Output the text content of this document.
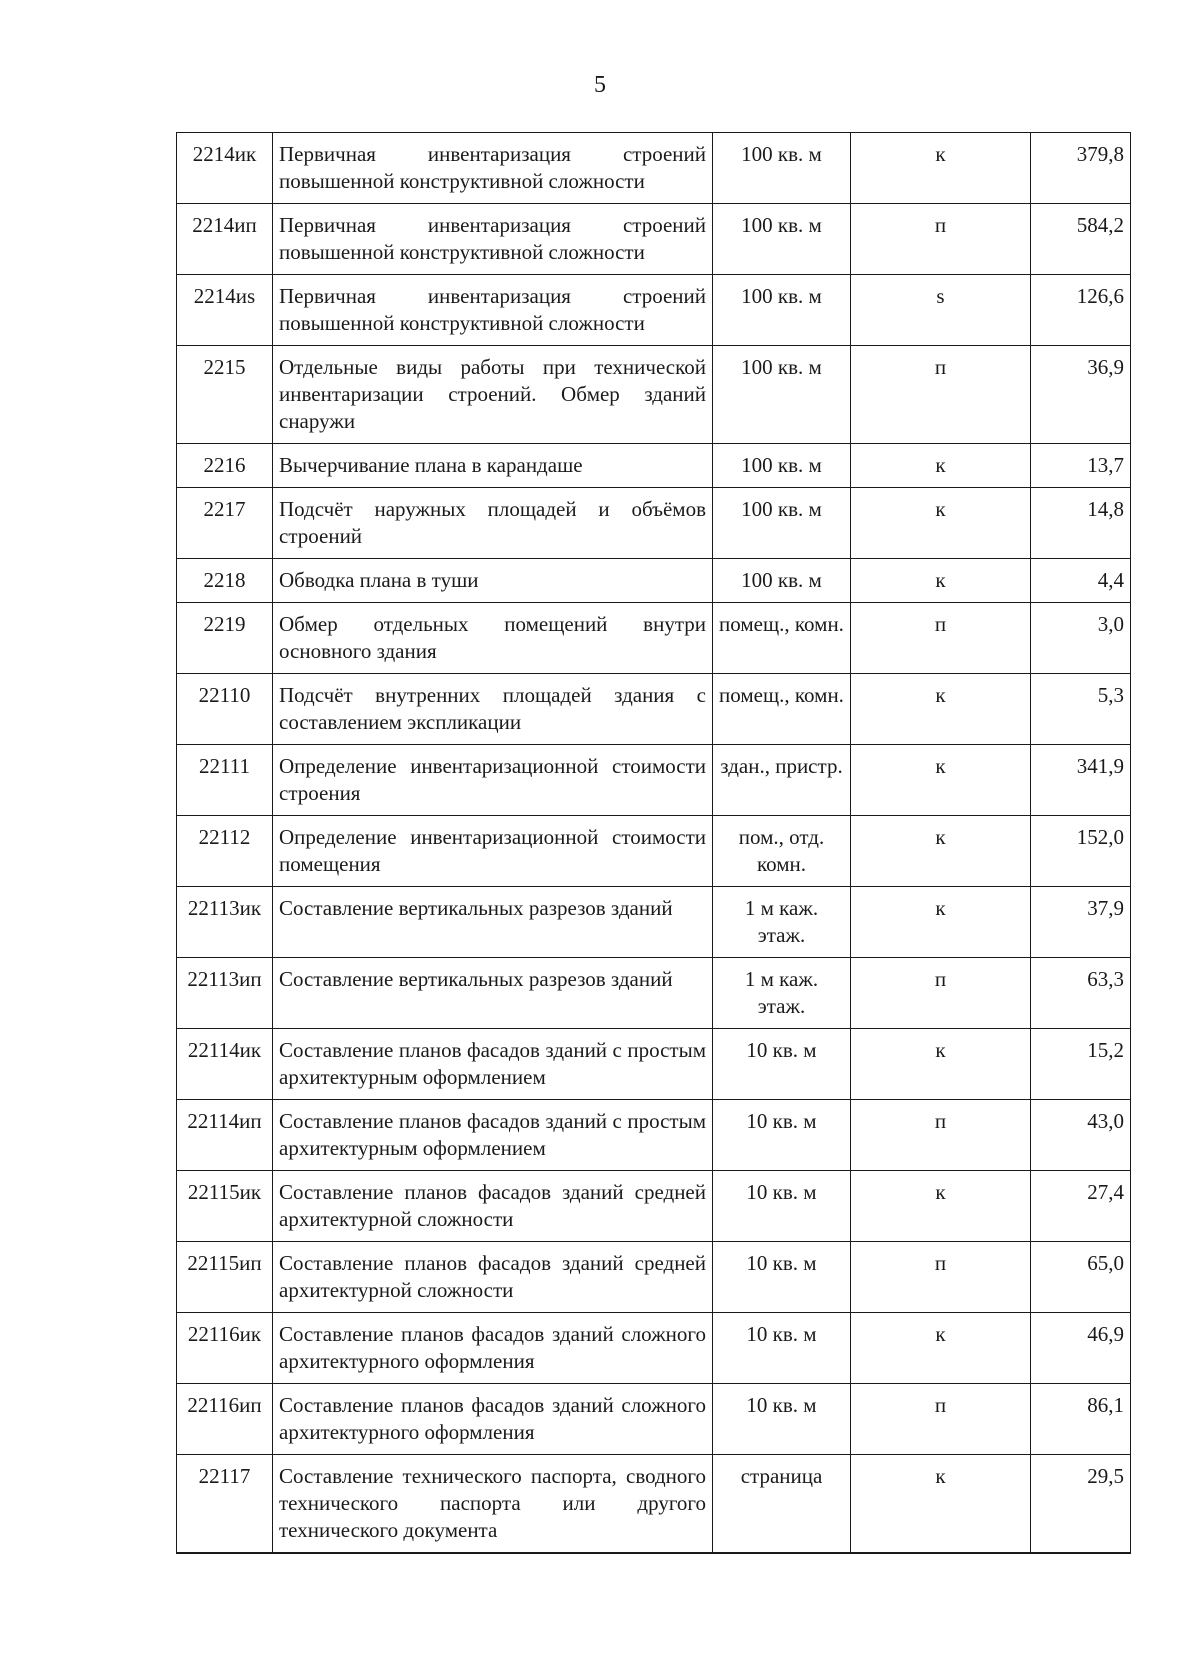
5
2214ик	Первичная инвентаризация строений повышенной конструктивной сложности	100 кв. м	к	379,8
2214ип	Первичная инвентаризация строений повышенной конструктивной сложности	100 кв. м	п	584,2
2214иs	Первичная инвентаризация строений повышенной конструктивной сложности	100 кв. м	s	126,6
2215	Отдельные виды работы при технической инвентаризации строений. Обмер зданий снаружи	100 кв. м	п	36,9
2216	Вычерчивание плана в карандаше	100 кв. м	к	13,7
2217	Подсчёт наружных площадей и объёмов строений	100 кв. м	к	14,8
2218	Обводка плана в туши	100 кв. м	к	4,4
2219	Обмер отдельных помещений внутри основного здания	помещ., комн.	п	3,0
22110	Подсчёт внутренних площадей здания с составлением экспликации	помещ., комн.	к	5,3
22111	Определение инвентаризационной стоимости строения	здан., пристр.	к	341,9
22112	Определение инвентаризационной стоимости помещения	пом., отд. комн.	к	152,0
22113ик	Составление вертикальных разрезов зданий	1 м каж. этаж.	к	37,9
22113ип	Составление вертикальных разрезов зданий	1 м каж. этаж.	п	63,3
22114ик	Составление планов фасадов зданий с простым архитектурным оформлением	10 кв. м	к	15,2
22114ип	Составление планов фасадов зданий с простым архитектурным оформлением	10 кв. м	п	43,0
22115ик	Составление планов фасадов зданий средней архитектурной сложности	10 кв. м	к	27,4
22115ип	Составление планов фасадов зданий средней архитектурной сложности	10 кв. м	п	65,0
22116ик	Составление планов фасадов зданий сложного архитектурного оформления	10 кв. м	к	46,9
22116ип	Составление планов фасадов зданий сложного архитектурного оформления	10 кв. м	п	86,1
22117	Составление технического паспорта, сводного технического паспорта или другого технического документа	страница	к	29,5
